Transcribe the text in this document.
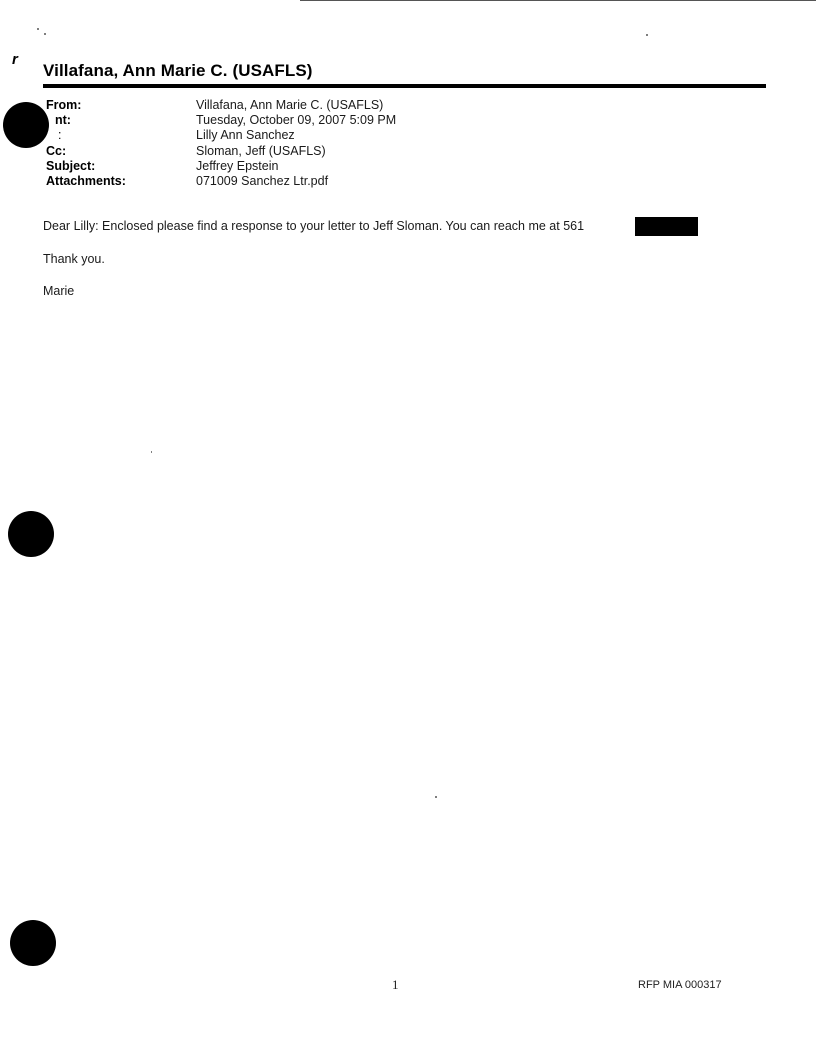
r
Villafana, Ann Marie C. (USAFLS)
From:	Villafana, Ann Marie C. (USAFLS)
nt:	Tuesday, October 09, 2007 5:09 PM
:	Lilly Ann Sanchez
Cc:	Sloman, Jeff (USAFLS)
Subject:	Jeffrey Epstein
Attachments:	071009 Sanchez Ltr.pdf
Dear Lilly: Enclosed please find a response to your letter to Jeff Sloman. You can reach me at 561
Thank you.
Marie
1	RFP MIA 000317
